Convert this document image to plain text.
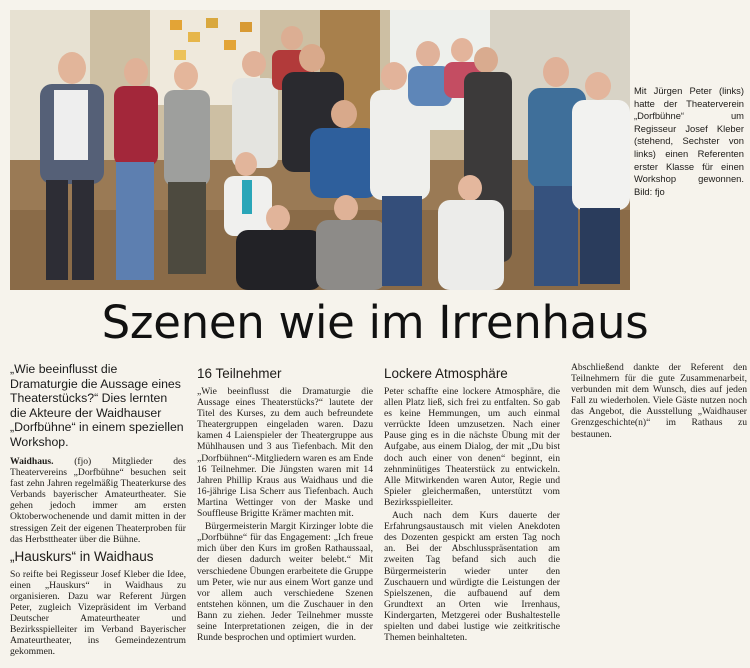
Mit Jürgen Peter (links) hatte der Theaterverein „Dorfbühne“ um Regisseur Josef Kleber (stehend, Sechster von links) einen Referenten erster Klasse für einen Workshop gewonnen. Bild: fjo

Szenen wie im Irrenhaus

„Wie beeinflusst die Dramaturgie die Aussage eines Theaterstücks?“ Dies lernten die Akteure der Waidhauser „Dorfbühne“ in einem speziellen Workshop.

Waidhaus. (fjo) Mitglieder des Theatervereins „Dorfbühne“ besuchen seit fast zehn Jahren regelmäßig Theaterkurse des Verbands bayerischer Amateurtheater. Sie gehen jedoch immer am ersten Oktoberwochenende und damit mitten in der stressigen Zeit der eigenen Theaterproben für das Herbsttheater über die Bühne.

„Hauskurs“ in Waidhaus

So reifte bei Regisseur Josef Kleber die Idee, einen „Hauskurs“ in Waidhaus zu organisieren. Dazu war Referent Jürgen Peter, zugleich Vizepräsident im Verband Deutscher Amateurtheater und Bezirksspielleiter im Verband Bayerischer Amateurtheater, ins Gemeindezentrum gekommen.

16 Teilnehmer

„Wie beeinflusst die Dramaturgie die Aussage eines Theaterstücks?“ lautete der Titel des Kurses, zu dem auch befreundete Theatergruppen eingeladen waren. Dazu kamen 4 Laienspieler der Theatergruppe aus Mühlhausen und 3 aus Tiefenbach. Mit den „Dorfbühnen“-Mitgliedern waren es am Ende 16 Teilnehmer. Die Jüngsten waren mit 14 Jahren Phillip Kraus aus Waidhaus und die 16-jährige Lisa Scherr aus Tiefenbach. Auch Martina Wettinger von der Maske und Souffleuse Brigitte Krämer machten mit.

Bürgermeisterin Margit Kirzinger lobte die „Dorfbühne“ für das Engagement: „Ich freue mich über den Kurs im großen Rathaussaal, der diesen dadurch weiter belebt.“ Mit verschiedene Übungen erarbeitete die Gruppe um Peter, wie nur aus einem Wort ganze und vor allem auch verschiedene Szenen entstehen können, um die Zuschauer in den Bann zu ziehen. Jeder Teilnehmer musste seine Interpretationen zeigen, die in der Runde besprochen und optimiert wurden.

Lockere Atmosphäre

Peter schaffte eine lockere Atmosphäre, die allen Platz ließ, sich frei zu entfalten. So gab es keine Hemmungen, um auch einmal verrückte Ideen umzusetzen. Nach einer Pause ging es in die nächste Übung mit der Aufgabe, aus einem Dialog, der mit „Du bist doch auch einer von denen“ beginnt, ein zehnminütiges Theaterstück zu entwickeln. Alle Mitwirkenden waren Autor, Regie und Spieler gleichermaßen, unterstützt vom Bezirksspielleiter.

Auch nach dem Kurs dauerte der Erfahrungsaustausch mit vielen Anekdoten des Dozenten gespickt am ersten Tag noch an. Bei der Abschlusspräsentation am zweiten Tag befand sich auch die Bürgermeisterin wieder unter den Zuschauern und würdigte die Leistungen der Spielszenen, die aufbauend auf dem Grundtext an Orten wie Irrenhaus, Kindergarten, Metzgerei oder Bushaltestelle spielten und dabei lustige wie zeitkritische Themen beinhalteten.

Abschließend dankte der Referent den Teilnehmern für die gute Zusammenarbeit, verbunden mit dem Wunsch, dies auf jeden Fall zu wiederholen. Viele Gäste nutzen noch das Angebot, die Ausstellung „Waidhauser Grenzgeschichte(n)“ im Rathaus zu bestaunen.
